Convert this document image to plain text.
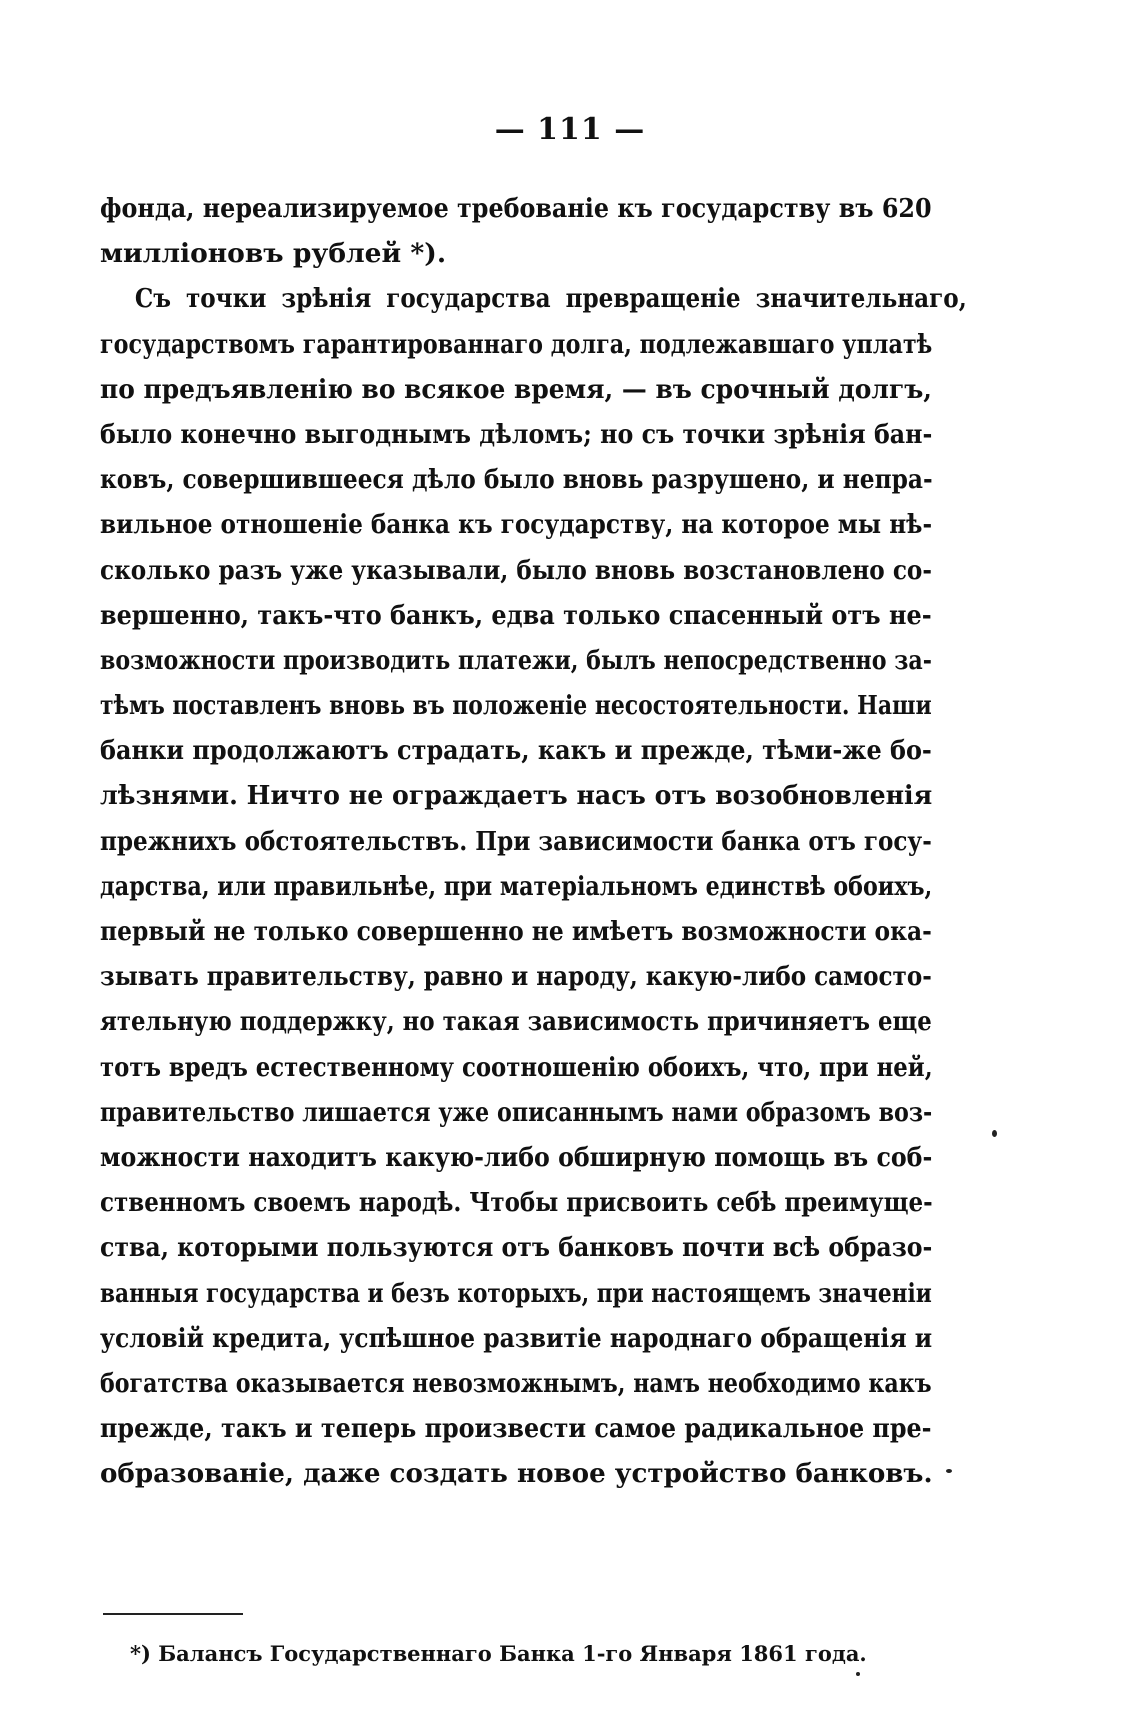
— 111 —
фонда, нереализируемое требованіе къ государству въ 620
милліоновъ рублей *).
Съ точки зрѣнія государства превращеніе значительнаго,
государствомъ гарантированнаго долга, подлежавшаго уплатѣ
по предъявленію во всякое время, — въ срочный долгъ,
было конечно выгоднымъ дѣломъ; но съ точки зрѣнія бан-
ковъ, совершившееся дѣло было вновь разрушено, и непра-
вильное отношеніе банка къ государству, на которое мы нѣ-
сколько разъ уже указывали, было вновь возстановлено со-
вершенно, такъ-что банкъ, едва только спасенный отъ не-
возможности производить платежи, былъ непосредственно за-
тѣмъ поставленъ вновь въ положеніе несостоятельности. Наши
банки продолжаютъ страдать, какъ и прежде, тѣми-же бо-
лѣзнями. Ничто не ограждаетъ насъ отъ возобновленія
прежнихъ обстоятельствъ. При зависимости банка отъ госу-
дарства, или правильнѣе, при матеріальномъ единствѣ обоихъ,
первый не только совершенно не имѣетъ возможности ока-
зывать правительству, равно и народу, какую-либо самосто-
ятельную поддержку, но такая зависимость причиняетъ еще
тотъ вредъ естественному соотношенію обоихъ, что, при ней,
правительство лишается уже описаннымъ нами образомъ воз-
можности находитъ какую-либо обширную помощь въ соб-
ственномъ своемъ народѣ. Чтобы присвоить себѣ преимуще-
ства, которыми пользуются отъ банковъ почти всѣ образо-
ванныя государства и безъ которыхъ, при настоящемъ значеніи
условій кредита, успѣшное развитіе народнаго обращенія и
богатства оказывается невозможнымъ, намъ необходимо какъ
прежде, такъ и теперь произвести самое радикальное пре-
образованіе, даже создать новое устройство банковъ.
*) Балансъ Государственнаго Банка 1-го Января 1861 года.
